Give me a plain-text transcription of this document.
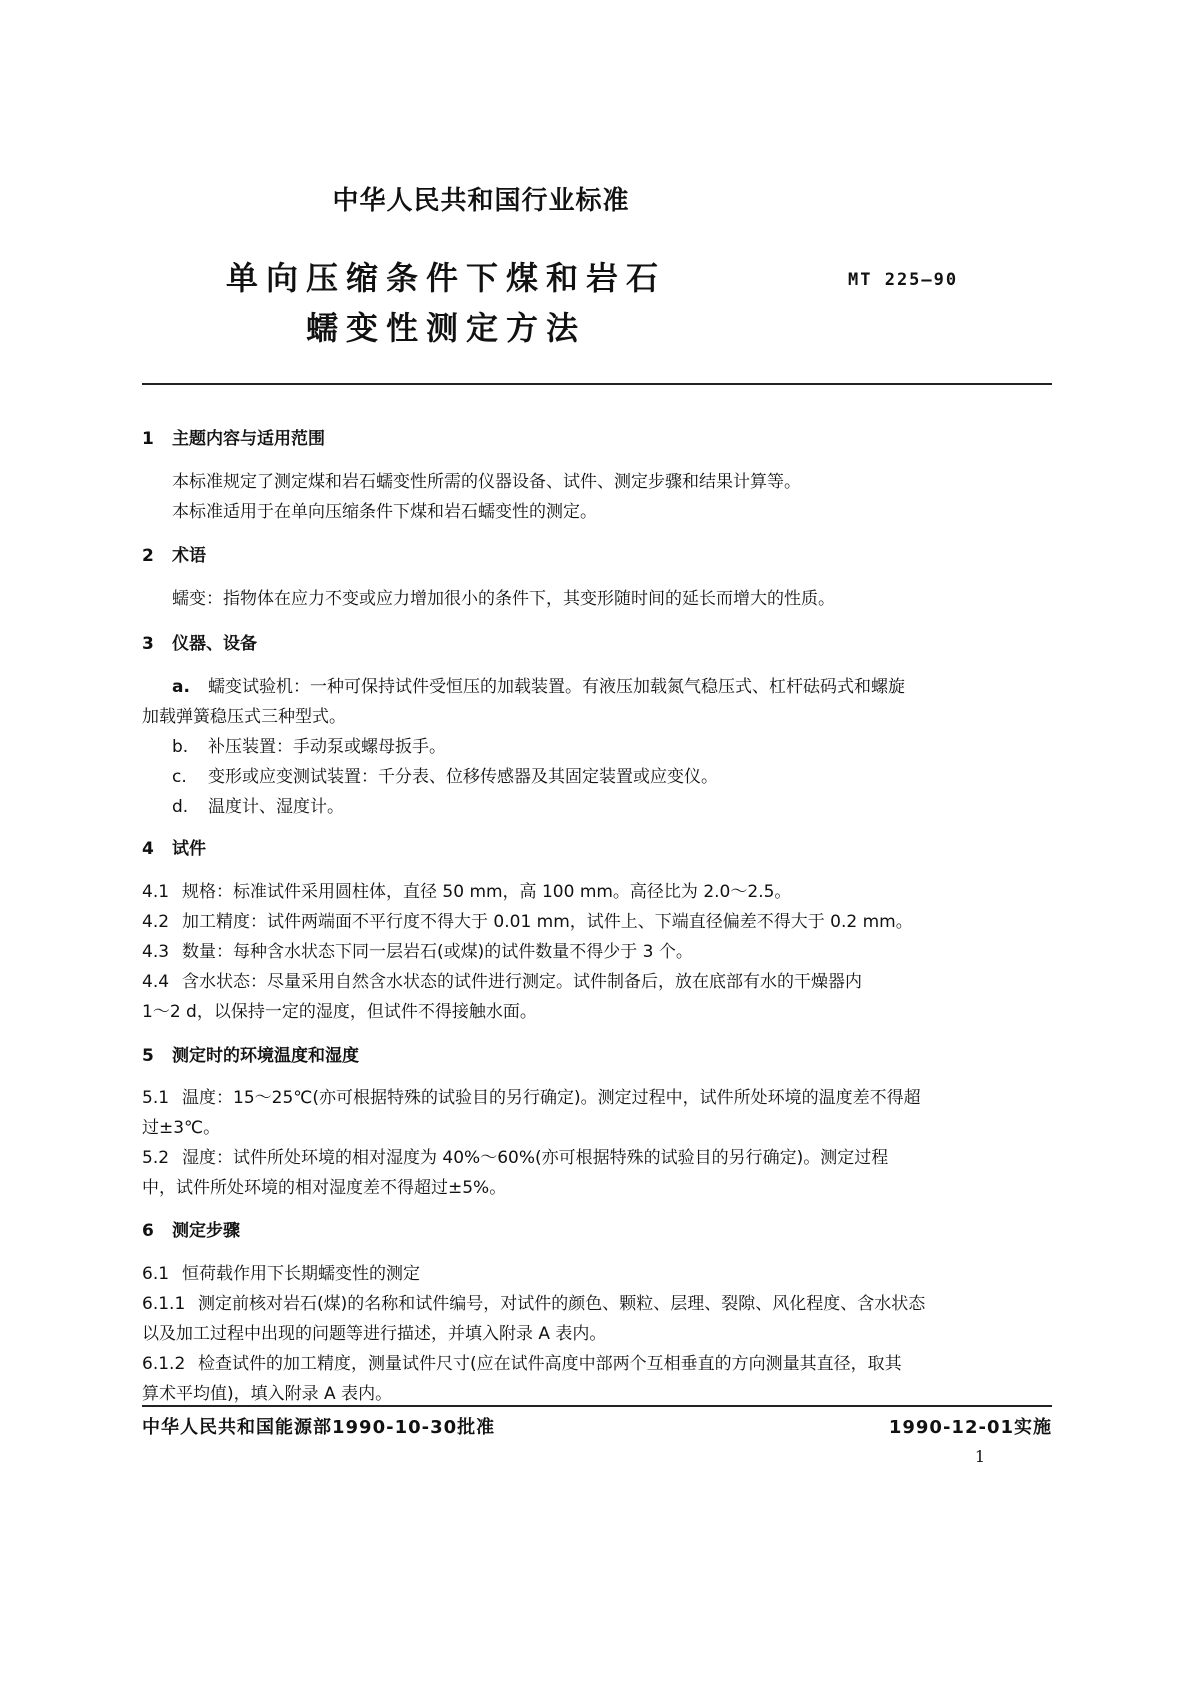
中华人民共和国行业标准
单向压缩条件下煤和岩石
蠕变性测定方法
MT 225—90
1 主题内容与适用范围
本标准规定了测定煤和岩石蠕变性所需的仪器设备、试件、测定步骤和结果计算等。
本标准适用于在单向压缩条件下煤和岩石蠕变性的测定。
2 术语
蠕变：指物体在应力不变或应力增加很小的条件下，其变形随时间的延长而增大的性质。
3 仪器、设备
a. 蠕变试验机：一种可保持试件受恒压的加载装置。有液压加载氮气稳压式、杠杆砝码式和螺旋
加载弹簧稳压式三种型式。
b. 补压装置：手动泵或螺母扳手。
c. 变形或应变测试装置：千分表、位移传感器及其固定装置或应变仪。
d. 温度计、湿度计。
4 试件
4.1 规格：标准试件采用圆柱体，直径 50 mm，高 100 mm。高径比为 2.0～2.5。
4.2 加工精度：试件两端面不平行度不得大于 0.01 mm，试件上、下端直径偏差不得大于 0.2 mm。
4.3 数量：每种含水状态下同一层岩石(或煤)的试件数量不得少于 3 个。
4.4 含水状态：尽量采用自然含水状态的试件进行测定。试件制备后，放在底部有水的干燥器内
1～2 d，以保持一定的湿度，但试件不得接触水面。
5 测定时的环境温度和湿度
5.1 温度：15～25℃(亦可根据特殊的试验目的另行确定)。测定过程中，试件所处环境的温度差不得超
过±3℃。
5.2 湿度：试件所处环境的相对湿度为 40%～60%(亦可根据特殊的试验目的另行确定)。测定过程
中，试件所处环境的相对湿度差不得超过±5%。
6 测定步骤
6.1 恒荷载作用下长期蠕变性的测定
6.1.1 测定前核对岩石(煤)的名称和试件编号，对试件的颜色、颗粒、层理、裂隙、风化程度、含水状态
以及加工过程中出现的问题等进行描述，并填入附录 A 表内。
6.1.2 检查试件的加工精度，测量试件尺寸(应在试件高度中部两个互相垂直的方向测量其直径，取其
算术平均值)，填入附录 A 表内。
中华人民共和国能源部1990-10-30批准	1990-12-01实施
1
